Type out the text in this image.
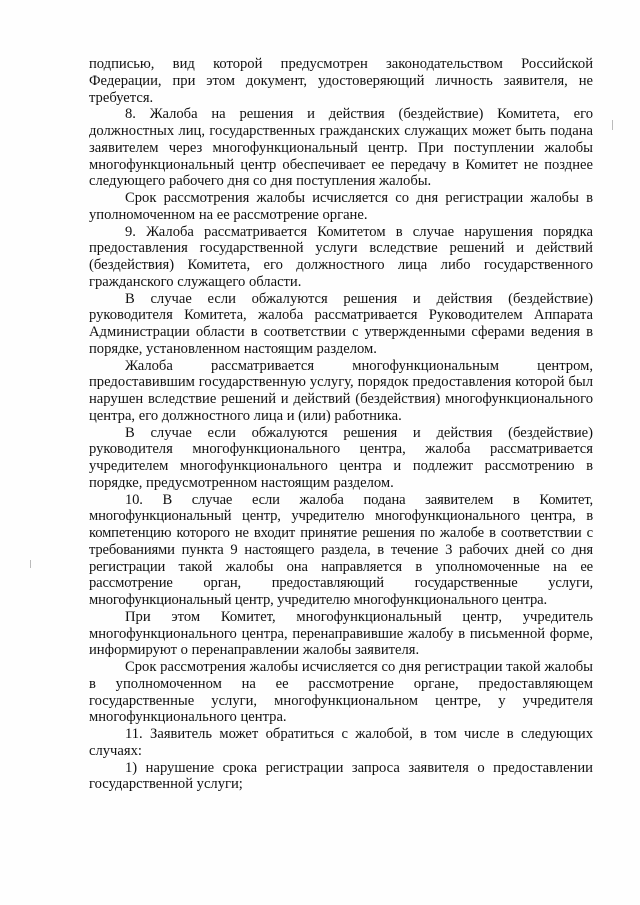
подписью, вид которой предусмотрен законодательством Российской Федерации, при этом документ, удостоверяющий личность заявителя, не требуется.

8. Жалоба на решения и действия (бездействие) Комитета, его должностных лиц, государственных гражданских служащих может быть подана заявителем через многофункциональный центр. При поступлении жалобы многофункциональный центр обеспечивает ее передачу в Комитет не позднее следующего рабочего дня со дня поступления жалобы.

Срок рассмотрения жалобы исчисляется со дня регистрации жалобы в уполномоченном на ее рассмотрение органе.

9. Жалоба рассматривается Комитетом в случае нарушения порядка предоставления государственной услуги вследствие решений и действий (бездействия) Комитета, его должностного лица либо государственного гражданского служащего области.

В случае если обжалуются решения и действия (бездействие) руководителя Комитета, жалоба рассматривается Руководителем Аппарата Администрации области в соответствии с утвержденными сферами ведения в порядке, установленном настоящим разделом.

Жалоба рассматривается многофункциональным центром, предоставившим государственную услугу, порядок предоставления которой был нарушен вследствие решений и действий (бездействия) многофункционального центра, его должностного лица и (или) работника.

В случае если обжалуются решения и действия (бездействие) руководителя многофункционального центра, жалоба рассматривается учредителем многофункционального центра и подлежит рассмотрению в порядке, предусмотренном настоящим разделом.

10. В случае если жалоба подана заявителем в Комитет, многофункциональный центр, учредителю многофункционального центра, в компетенцию которого не входит принятие решения по жалобе в соответствии с требованиями пункта 9 настоящего раздела, в течение 3 рабочих дней со дня регистрации такой жалобы она направляется в уполномоченные на ее рассмотрение орган, предоставляющий государственные услуги, многофункциональный центр, учредителю многофункционального центра.

При этом Комитет, многофункциональный центр, учредитель многофункционального центра, перенаправившие жалобу в письменной форме, информируют о перенаправлении жалобы заявителя.

Срок рассмотрения жалобы исчисляется со дня регистрации такой жалобы в уполномоченном на ее рассмотрение органе, предоставляющем государственные услуги, многофункциональном центре, у учредителя многофункционального центра.

11. Заявитель может обратиться с жалобой, в том числе в следующих случаях:

1) нарушение срока регистрации запроса заявителя о предоставлении государственной услуги;
